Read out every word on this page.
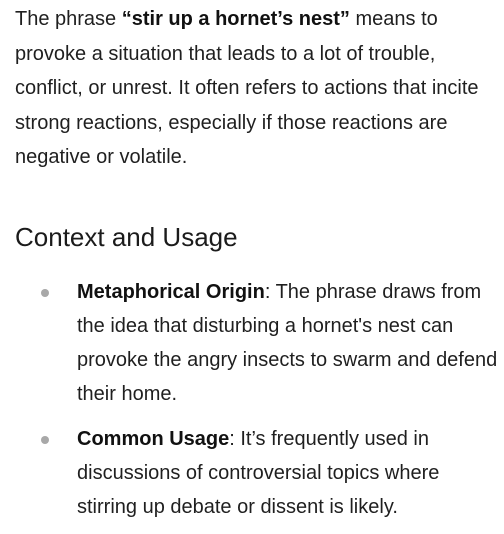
The phrase “stir up a hornet’s nest” means to provoke a situation that leads to a lot of trouble, conflict, or unrest. It often refers to actions that incite strong reactions, especially if those reactions are negative or volatile.

Context and Usage
Metaphorical Origin: The phrase draws from the idea that disturbing a hornet's nest can provoke the angry insects to swarm and defend their home.
Common Usage: It’s frequently used in discussions of controversial topics where stirring up debate or dissent is likely.
